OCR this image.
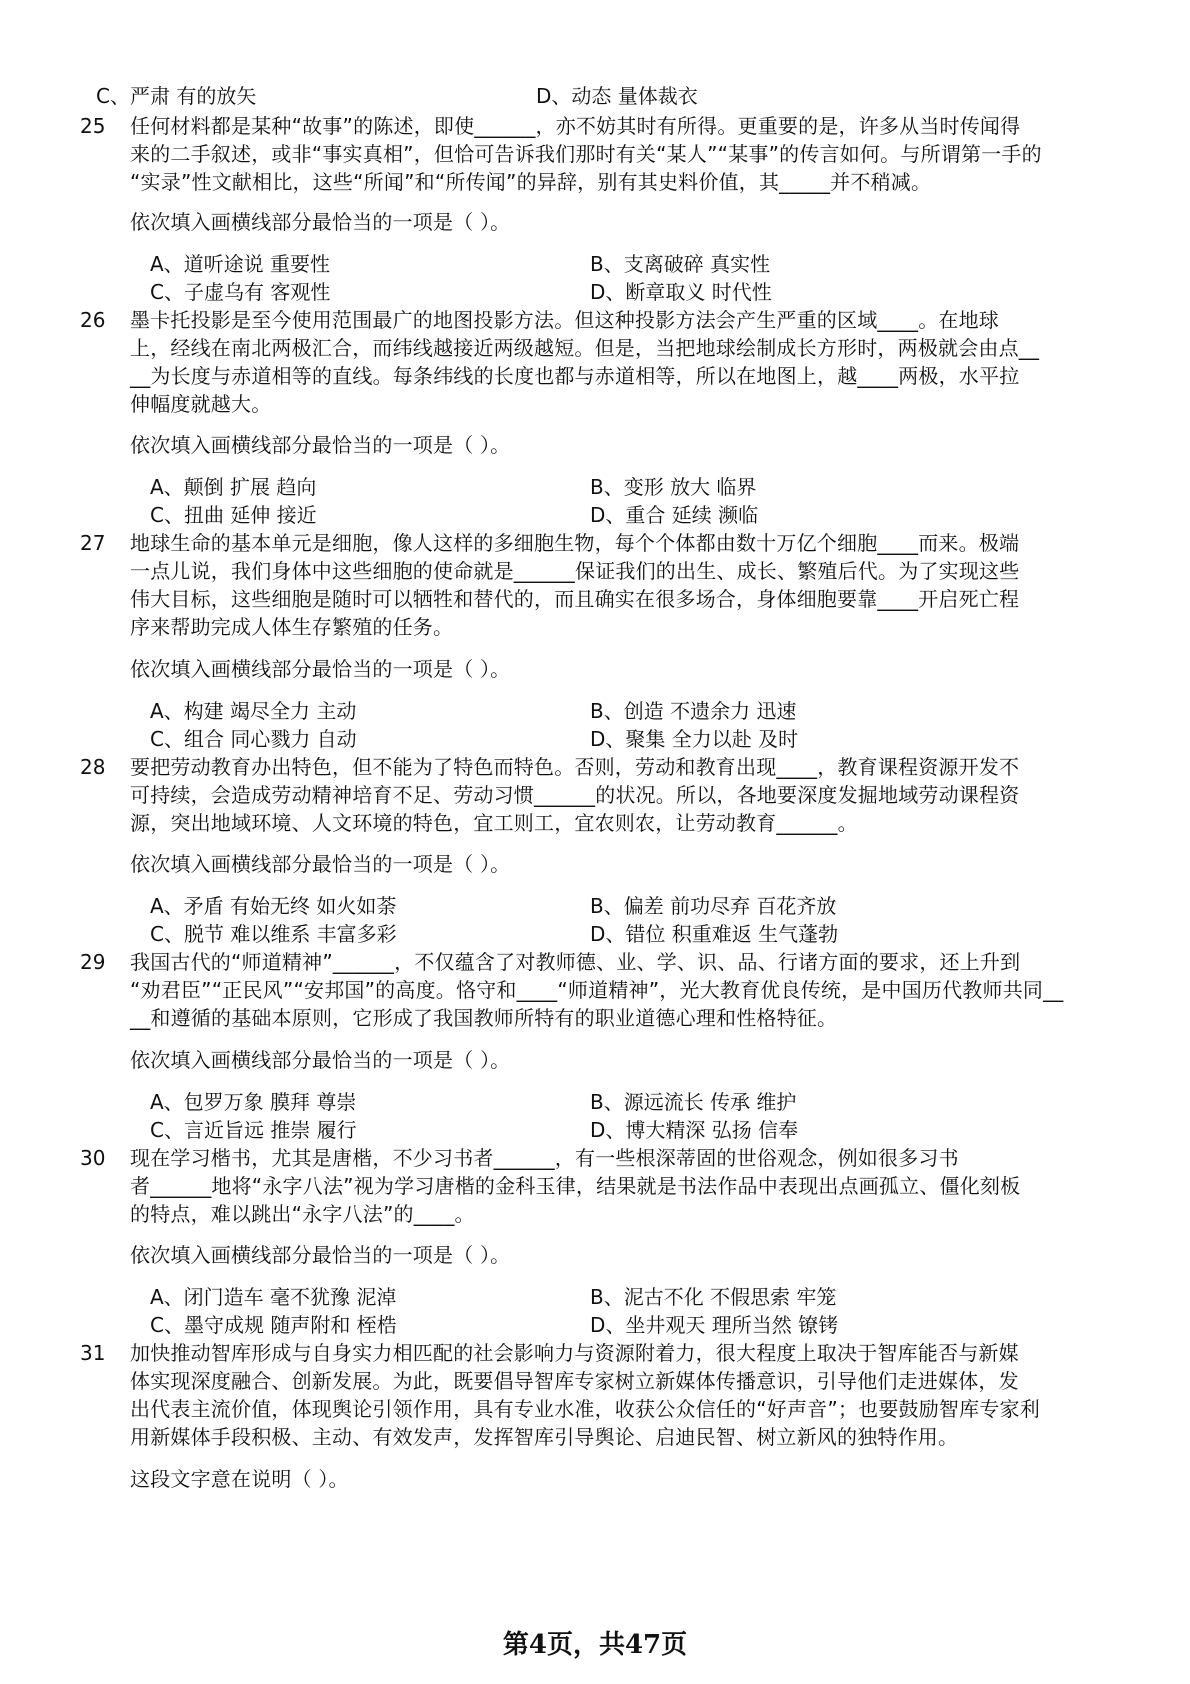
C、严肃 有的放矢	D、动态 量体裁衣
25 任何材料都是某种“故事”的陈述，即使______，亦不妨其时有所得。更重要的是，许多从当时传闻得
来的二手叙述，或非“事实真相”，但恰可告诉我们那时有关“某人”“某事”的传言如何。与所谓第一手的
“实录”性文献相比，这些“所闻”和“所传闻”的异辞，别有其史料价值，其_____并不稍减。
依次填入画横线部分最恰当的一项是（ ）。
A、道听途说 重要性	B、支离破碎 真实性
C、子虚乌有 客观性	D、断章取义 时代性
26 墨卡托投影是至今使用范围最广的地图投影方法。但这种投影方法会产生严重的区域____。在地球
上，经线在南北两极汇合，而纬线越接近两级越短。但是，当把地球绘制成长方形时，两极就会由点__
__为长度与赤道相等的直线。每条纬线的长度也都与赤道相等，所以在地图上，越____两极，水平拉
伸幅度就越大。
依次填入画横线部分最恰当的一项是（ ）。
A、颠倒 扩展 趋向	B、变形 放大 临界
C、扭曲 延伸 接近	D、重合 延续 濒临
27 地球生命的基本单元是细胞，像人这样的多细胞生物，每个个体都由数十万亿个细胞____而来。极端
一点儿说，我们身体中这些细胞的使命就是______保证我们的出生、成长、繁殖后代。为了实现这些
伟大目标，这些细胞是随时可以牺牲和替代的，而且确实在很多场合，身体细胞要靠____开启死亡程
序来帮助完成人体生存繁殖的任务。
依次填入画横线部分最恰当的一项是（ ）。
A、构建 竭尽全力 主动	B、创造 不遗余力 迅速
C、组合 同心戮力 自动	D、聚集 全力以赴 及时
28 要把劳动教育办出特色，但不能为了特色而特色。否则，劳动和教育出现____，教育课程资源开发不
可持续，会造成劳动精神培育不足、劳动习惯______的状况。所以，各地要深度发掘地域劳动课程资
源，突出地域环境、人文环境的特色，宜工则工，宜农则农，让劳动教育______。
依次填入画横线部分最恰当的一项是（ ）。
A、矛盾 有始无终 如火如荼	B、偏差 前功尽弃 百花齐放
C、脱节 难以维系 丰富多彩	D、错位 积重难返 生气蓬勃
29 我国古代的“师道精神”______，不仅蕴含了对教师德、业、学、识、品、行诸方面的要求，还上升到
“劝君臣”“正民风”“安邦国”的高度。恪守和____“师道精神”，光大教育优良传统，是中国历代教师共同__
__和遵循的基础本原则，它形成了我国教师所特有的职业道德心理和性格特征。
依次填入画横线部分最恰当的一项是（ ）。
A、包罗万象 膜拜 尊崇	B、源远流长 传承 维护
C、言近旨远 推崇 履行	D、博大精深 弘扬 信奉
30 现在学习楷书，尤其是唐楷，不少习书者______，有一些根深蒂固的世俗观念，例如很多习书
者______地将“永字八法”视为学习唐楷的金科玉律，结果就是书法作品中表现出点画孤立、僵化刻板
的特点，难以跳出“永字八法”的____。
依次填入画横线部分最恰当的一项是（ ）。
A、闭门造车 毫不犹豫 泥淖	B、泥古不化 不假思索 牢笼
C、墨守成规 随声附和 桎梏	D、坐井观天 理所当然 镣铐
31 加快推动智库形成与自身实力相匹配的社会影响力与资源附着力，很大程度上取决于智库能否与新媒
体实现深度融合、创新发展。为此，既要倡导智库专家树立新媒体传播意识，引导他们走进媒体，发
出代表主流价值，体现舆论引领作用，具有专业水准，收获公众信任的“好声音”；也要鼓励智库专家利
用新媒体手段积极、主动、有效发声，发挥智库引导舆论、启迪民智、树立新风的独特作用。
这段文字意在说明（ ）。
第4页，共47页
